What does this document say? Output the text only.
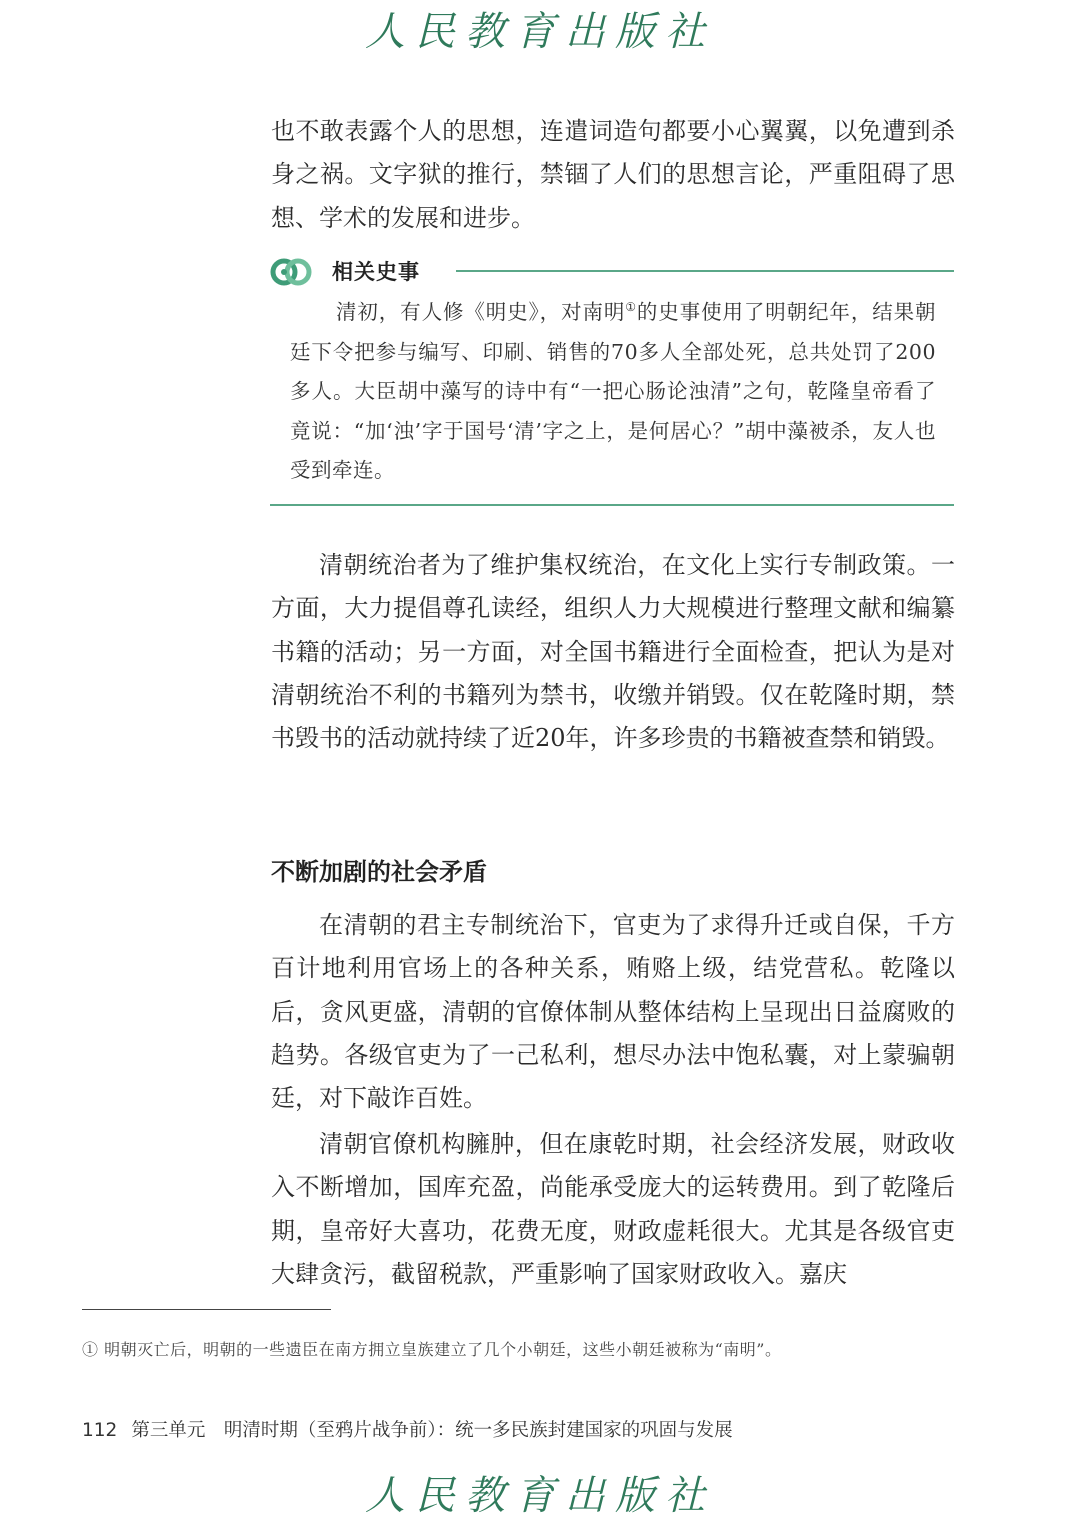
人民教育出版社

也不敢表露个人的思想，连遣词造句都要小心翼翼，以免遭到杀身之祸。文字狱的推行，禁锢了人们的思想言论，严重阻碍了思想、学术的发展和进步。

相关史事

清初，有人修《明史》，对南明①的史事使用了明朝纪年，结果朝廷下令把参与编写、印刷、销售的70多人全部处死，总共处罚了200多人。大臣胡中藻写的诗中有“一把心肠论浊清”之句，乾隆皇帝看了竟说：“加‘浊’字于国号‘清’字之上，是何居心？”胡中藻被杀，友人也受到牵连。

清朝统治者为了维护集权统治，在文化上实行专制政策。一方面，大力提倡尊孔读经，组织人力大规模进行整理文献和编纂书籍的活动；另一方面，对全国书籍进行全面检查，把认为是对清朝统治不利的书籍列为禁书，收缴并销毁。仅在乾隆时期，禁书毁书的活动就持续了近20年，许多珍贵的书籍被查禁和销毁。

不断加剧的社会矛盾

在清朝的君主专制统治下，官吏为了求得升迁或自保，千方百计地利用官场上的各种关系，贿赂上级，结党营私。乾隆以后，贪风更盛，清朝的官僚体制从整体结构上呈现出日益腐败的趋势。各级官吏为了一己私利，想尽办法中饱私囊，对上蒙骗朝廷，对下敲诈百姓。

清朝官僚机构臃肿，但在康乾时期，社会经济发展，财政收入不断增加，国库充盈，尚能承受庞大的运转费用。到了乾隆后期，皇帝好大喜功，花费无度，财政虚耗很大。尤其是各级官吏大肆贪污，截留税款，严重影响了国家财政收入。嘉庆

① 明朝灭亡后，明朝的一些遗臣在南方拥立皇族建立了几个小朝廷，这些小朝廷被称为“南明”。

112 第三单元　明清时期（至鸦片战争前）：统一多民族封建国家的巩固与发展

人民教育出版社
